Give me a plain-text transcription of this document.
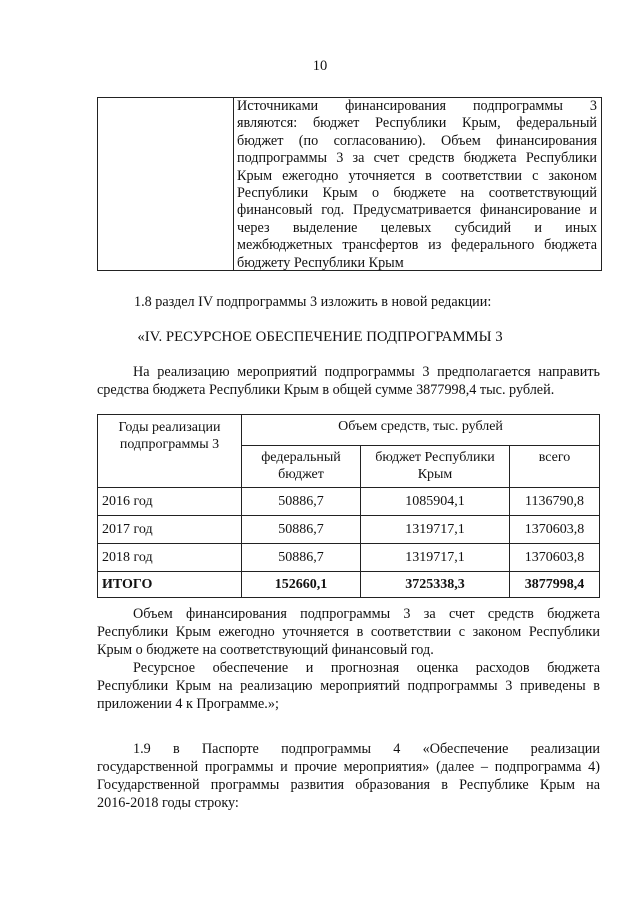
10
Источниками финансирования подпрограммы 3
являются: бюджет Республики Крым, федеральный
бюджет (по согласованию). Объем финансирования
подпрограммы 3 за счет средств бюджета Республики
Крым ежегодно уточняется в соответствии с законом
Республики Крым о бюджете на соответствующий
финансовый год. Предусматривается финансирование и
через выделение целевых субсидий и иных
межбюджетных трансфертов из федерального бюджета
бюджету Республики Крым
1.8 раздел IV подпрограммы 3 изложить в новой редакции:
«IV. РЕСУРСНОЕ ОБЕСПЕЧЕНИЕ ПОДПРОГРАММЫ 3
На реализацию мероприятий подпрограммы 3 предполагается направить
средства бюджета Республики Крым в общей сумме 3877998,4 тыс. рублей.
Годы реализации подпрограммы 3	Объем средств, тыс. рублей		
	федеральный бюджет	бюджет Республики Крым	всего
2016 год	50886,7	1085904,1	1136790,8
2017 год	50886,7	1319717,1	1370603,8
2018 год	50886,7	1319717,1	1370603,8
ИТОГО	152660,1	3725338,3	3877998,4
Объем финансирования подпрограммы 3 за счет средств бюджета
Республики Крым ежегодно уточняется в соответствии с законом Республики
Крым о бюджете на соответствующий финансовый год.
Ресурсное обеспечение и прогнозная оценка расходов бюджета
Республики Крым на реализацию мероприятий подпрограммы 3 приведены в
приложении 4 к Программе.»;
1.9 в Паспорте подпрограммы 4 «Обеспечение реализации
государственной программы и прочие мероприятия» (далее – подпрограмма 4)
Государственной программы развития образования в Республике Крым на
2016-2018 годы строку:
